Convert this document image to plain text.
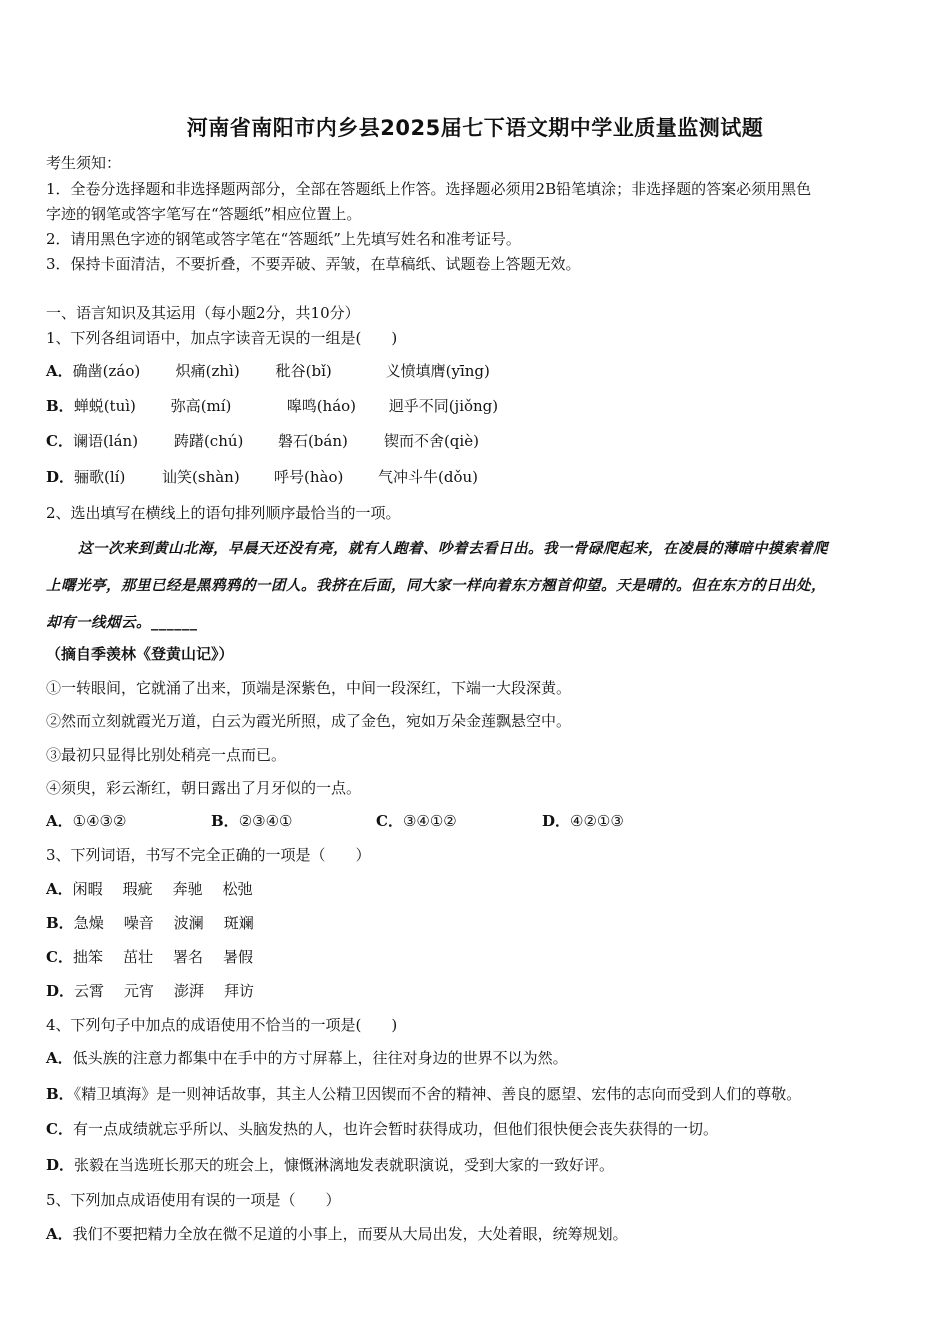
河南省南阳市内乡县2025届七下语文期中学业质量监测试题
考生须知：
1．全卷分选择题和非选择题两部分，全部在答题纸上作答。选择题必须用2B铅笔填涂；非选择题的答案必须用黑色
字迹的钢笔或答字笔写在“答题纸”相应位置上。
2．请用黑色字迹的钢笔或答字笔在“答题纸”上先填写姓名和准考证号。
3．保持卡面清洁，不要折叠，不要弄破、弄皱，在草稿纸、试题卷上答题无效。
一、语言知识及其运用（每小题2分，共10分）
1、下列各组词语中，加点字读音无误的一组是(　　)
A．确凿(záo) 炽痛(zhì) 秕谷(bǐ)	义愤填膺(yīng)
B．蝉蜕(tuì) 弥高(mí)	嗥鸣(háo) 迥乎不同(jiǒng)
C．谰语(lán) 踌躇(chú) 磐石(bán) 锲而不舍(qiè)
D．骊歌(lí) 讪笑(shàn) 呼号(hào) 气冲斗牛(dǒu)
2、选出填写在横线上的语句排列顺序最恰当的一项。
这一次来到黄山北海，早晨天还没有亮，就有人跑着、吵着去看日出。我一骨碌爬起来，在凌晨的薄暗中摸索着爬
上曙光亭，那里已经是黑鸦鸦的一团人。我挤在后面，同大家一样向着东方翘首仰望。天是晴的。但在东方的日出处，
却有一线烟云。______
（摘自季羡林《登黄山记》）
①一转眼间，它就涌了出来，顶端是深紫色，中间一段深红，下端一大段深黄。
②然而立刻就霞光万道，白云为霞光所照，成了金色，宛如万朵金莲飘悬空中。
③最初只显得比别处稍亮一点而已。
④须臾，彩云渐红，朝日露出了月牙似的一点。
A．①④③②	B．②③④①	C．③④①②	D．④②①③
3、下列词语，书写不完全正确的一项是（　　）
A．闲暇 瑕疵 奔驰 松弛
B．急燥 噪音 波澜 斑斓
C．拙笨 茁壮 署名 暑假
D．云霄 元宵 澎湃 拜访
4、下列句子中加点的成语使用不恰当的一项是(　　)
A．低头族的注意力都集中在手中的方寸屏幕上，往往对身边的世界不以为然。
B．《精卫填海》是一则神话故事，其主人公精卫因锲而不舍的精神、善良的愿望、宏伟的志向而受到人们的尊敬。
C．有一点成绩就忘乎所以、头脑发热的人，也许会暂时获得成功，但他们很快便会丧失获得的一切。
D．张毅在当选班长那天的班会上，慷慨淋漓地发表就职演说，受到大家的一致好评。
5、下列加点成语使用有误的一项是（　　）
A．我们不要把精力全放在微不足道的小事上，而要从大局出发，大处着眼，统筹规划。
